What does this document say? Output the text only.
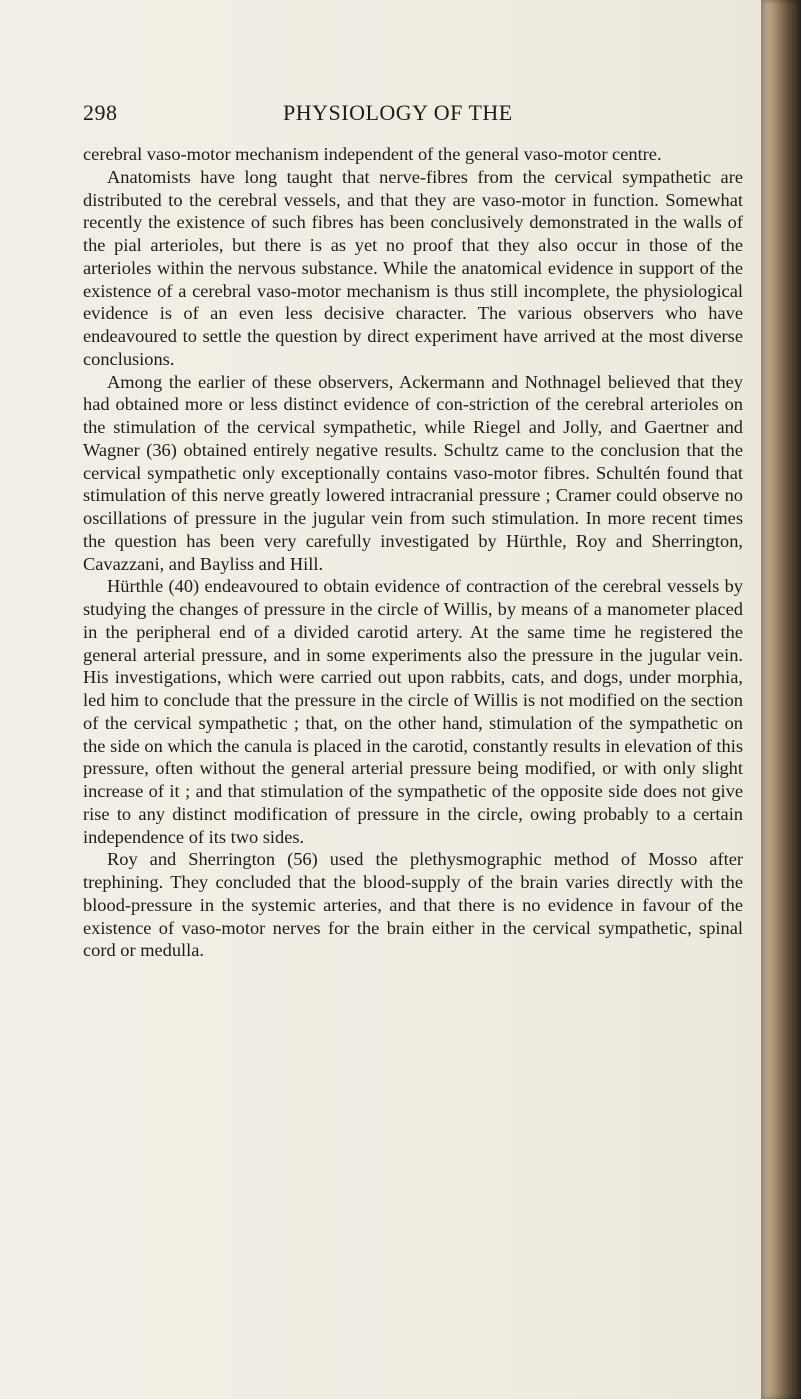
298	PHYSIOLOGY OF THE

cerebral vaso-motor mechanism independent of the general vaso-motor centre.

Anatomists have long taught that nerve-fibres from the cervical sympathetic are distributed to the cerebral vessels, and that they are vaso-motor in function. Somewhat recently the existence of such fibres has been conclusively demonstrated in the walls of the pial arterioles, but there is as yet no proof that they also occur in those of the arterioles within the nervous substance. While the anatomical evidence in support of the existence of a cerebral vaso-motor mechanism is thus still incomplete, the physiological evidence is of an even less decisive character. The various observers who have endeavoured to settle the question by direct experiment have arrived at the most diverse conclusions.

Among the earlier of these observers, Ackermann and Nothnagel believed that they had obtained more or less distinct evidence of con-striction of the cerebral arterioles on the stimulation of the cervical sympathetic, while Riegel and Jolly, and Gaertner and Wagner (36) obtained entirely negative results. Schultz came to the conclusion that the cervical sympathetic only exceptionally contains vaso-motor fibres. Schultén found that stimulation of this nerve greatly lowered intracranial pressure ; Cramer could observe no oscillations of pressure in the jugular vein from such stimulation. In more recent times the question has been very carefully investigated by Hürthle, Roy and Sherrington, Cavazzani, and Bayliss and Hill.

Hürthle (40) endeavoured to obtain evidence of contraction of the cerebral vessels by studying the changes of pressure in the circle of Willis, by means of a manometer placed in the peripheral end of a divided carotid artery. At the same time he registered the general arterial pressure, and in some experiments also the pressure in the jugular vein. His investigations, which were carried out upon rabbits, cats, and dogs, under morphia, led him to conclude that the pressure in the circle of Willis is not modified on the section of the cervical sympathetic ; that, on the other hand, stimulation of the sympathetic on the side on which the canula is placed in the carotid, constantly results in elevation of this pressure, often without the general arterial pressure being modified, or with only slight increase of it ; and that stimulation of the sympathetic of the opposite side does not give rise to any distinct modification of pressure in the circle, owing probably to a certain independence of its two sides.

Roy and Sherrington (56) used the plethysmographic method of Mosso after trephining. They concluded that the blood-supply of the brain varies directly with the blood-pressure in the systemic arteries, and that there is no evidence in favour of the existence of vaso-motor nerves for the brain either in the cervical sympathetic, spinal cord or medulla.
